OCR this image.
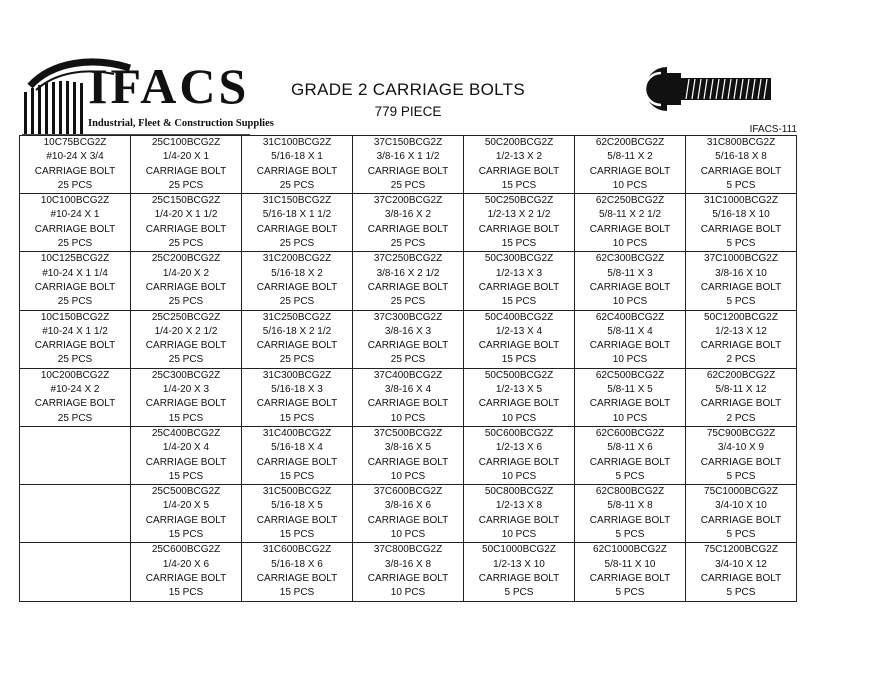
IFACS
Industrial, Fleet & Construction Supplies
GRADE 2 CARRIAGE BOLTS
779 PIECE
IFACS-111
10C75BCG2Z
#10-24 X 3/4
CARRIAGE BOLT
25 PCS	25C100BCG2Z
1/4-20 X 1
CARRIAGE BOLT
25 PCS	31C100BCG2Z
5/16-18 X 1
CARRIAGE BOLT
25 PCS	37C150BCG2Z
3/8-16 X 1 1/2
CARRIAGE BOLT
25 PCS	50C200BCG2Z
1/2-13 X 2
CARRIAGE BOLT
15 PCS	62C200BCG2Z
5/8-11 X 2
CARRIAGE BOLT
10 PCS	31C800BCG2Z
5/16-18 X 8
CARRIAGE BOLT
5 PCS

10C100BCG2Z
#10-24 X 1
CARRIAGE BOLT
25 PCS	25C150BCG2Z
1/4-20 X 1 1/2
CARRIAGE BOLT
25 PCS	31C150BCG2Z
5/16-18 X 1 1/2
CARRIAGE BOLT
25 PCS	37C200BCG2Z
3/8-16 X 2
CARRIAGE BOLT
25 PCS	50C250BCG2Z
1/2-13 X 2 1/2
CARRIAGE BOLT
15 PCS	62C250BCG2Z
5/8-11 X 2 1/2
CARRIAGE BOLT
10 PCS	31C1000BCG2Z
5/16-18 X 10
CARRIAGE BOLT
5 PCS

10C125BCG2Z
#10-24 X 1 1/4
CARRIAGE BOLT
25 PCS	25C200BCG2Z
1/4-20 X 2
CARRIAGE BOLT
25 PCS	31C200BCG2Z
5/16-18 X 2
CARRIAGE BOLT
25 PCS	37C250BCG2Z
3/8-16 X 2 1/2
CARRIAGE BOLT
25 PCS	50C300BCG2Z
1/2-13 X 3
CARRIAGE BOLT
15 PCS	62C300BCG2Z
5/8-11 X 3
CARRIAGE BOLT
10 PCS	37C1000BCG2Z
3/8-16 X 10
CARRIAGE BOLT
5 PCS

10C150BCG2Z
#10-24 X 1 1/2
CARRIAGE BOLT
25 PCS	25C250BCG2Z
1/4-20 X 2 1/2
CARRIAGE BOLT
25 PCS	31C250BCG2Z
5/16-18 X 2 1/2
CARRIAGE BOLT
25 PCS	37C300BCG2Z
3/8-16 X 3
CARRIAGE BOLT
25 PCS	50C400BCG2Z
1/2-13 X 4
CARRIAGE BOLT
15 PCS	62C400BCG2Z
5/8-11 X 4
CARRIAGE BOLT
10 PCS	50C1200BCG2Z
1/2-13 X 12
CARRIAGE BOLT
2 PCS

10C200BCG2Z
#10-24 X 2
CARRIAGE BOLT
25 PCS	25C300BCG2Z
1/4-20 X 3
CARRIAGE BOLT
15 PCS	31C300BCG2Z
5/16-18 X 3
CARRIAGE BOLT
15 PCS	37C400BCG2Z
3/8-16 X 4
CARRIAGE BOLT
10 PCS	50C500BCG2Z
1/2-13 X 5
CARRIAGE BOLT
10 PCS	62C500BCG2Z
5/8-11 X 5
CARRIAGE BOLT
10 PCS	62C200BCG2Z
5/8-11 X 12
CARRIAGE BOLT
2 PCS

	25C400BCG2Z
1/4-20 X 4
CARRIAGE BOLT
15 PCS	31C400BCG2Z
5/16-18 X 4
CARRIAGE BOLT
15 PCS	37C500BCG2Z
3/8-16 X 5
CARRIAGE BOLT
10 PCS	50C600BCG2Z
1/2-13 X 6
CARRIAGE BOLT
10 PCS	62C600BCG2Z
5/8-11 X 6
CARRIAGE BOLT
5 PCS	75C900BCG2Z
3/4-10 X 9
CARRIAGE BOLT
5 PCS

	25C500BCG2Z
1/4-20 X 5
CARRIAGE BOLT
15 PCS	31C500BCG2Z
5/16-18 X 5
CARRIAGE BOLT
15 PCS	37C600BCG2Z
3/8-16 X 6
CARRIAGE BOLT
10 PCS	50C800BCG2Z
1/2-13 X 8
CARRIAGE BOLT
10 PCS	62C800BCG2Z
5/8-11 X 8
CARRIAGE BOLT
5 PCS	75C1000BCG2Z
3/4-10 X 10
CARRIAGE BOLT
5 PCS

	25C600BCG2Z
1/4-20 X 6
CARRIAGE BOLT
15 PCS	31C600BCG2Z
5/16-18 X 6
CARRIAGE BOLT
15 PCS	37C800BCG2Z
3/8-16 X 8
CARRIAGE BOLT
10 PCS	50C1000BCG2Z
1/2-13 X 10
CARRIAGE BOLT
5 PCS	62C1000BCG2Z
5/8-11 X 10
CARRIAGE BOLT
5 PCS	75C1200BCG2Z
3/4-10 X 12
CARRIAGE BOLT
5 PCS
